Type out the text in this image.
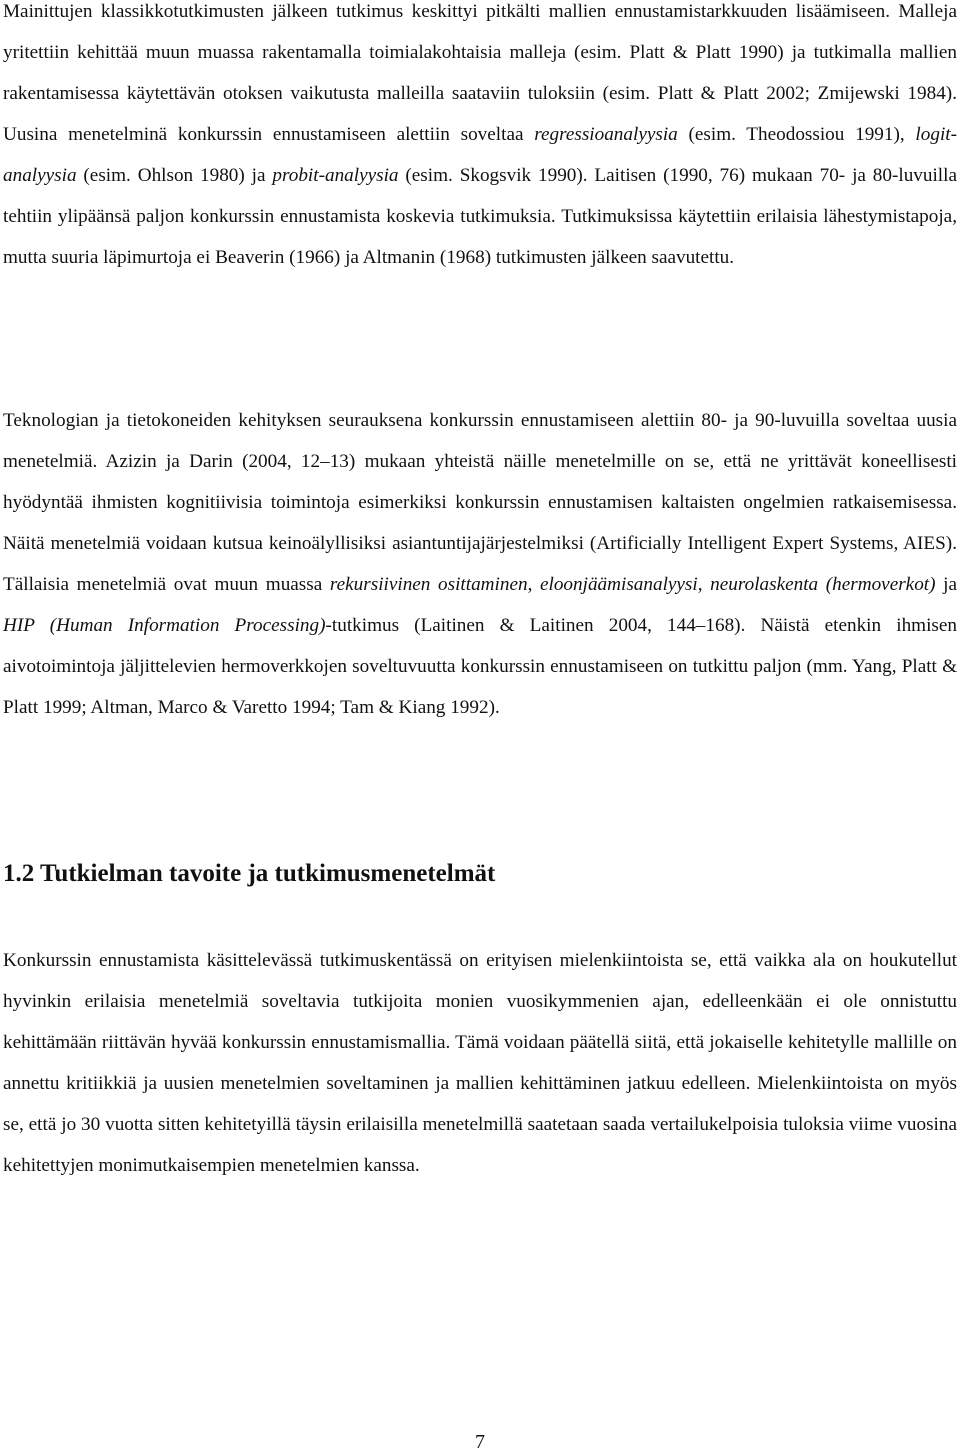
Mainittujen klassikkotutkimusten jälkeen tutkimus keskittyi pitkälti mallien ennustamistarkkuuden lisäämiseen. Malleja yritettiin kehittää muun muassa rakentamalla toimialakohtaisia malleja (esim. Platt & Platt 1990) ja tutkimalla mallien rakentamisessa käytettävän otoksen vaikutusta malleilla saataviin tuloksiin (esim. Platt & Platt 2002; Zmijewski 1984). Uusina menetelminä konkurssin ennustamiseen alettiin soveltaa regressioanalyysia (esim. Theodossiou 1991), logit-analyysia (esim. Ohlson 1980) ja probit-analyysia (esim. Skogsvik 1990). Laitisen (1990, 76) mukaan 70- ja 80-luvuilla tehtiin ylipäänsä paljon konkurssin ennustamista koskevia tutkimuksia. Tutkimuksissa käytettiin erilaisia lähestymistapoja, mutta suuria läpimurtoja ei Beaverin (1966) ja Altmanin (1968) tutkimusten jälkeen saavutettu.

Teknologian ja tietokoneiden kehityksen seurauksena konkurssin ennustamiseen alettiin 80- ja 90-luvuilla soveltaa uusia menetelmiä. Azizin ja Darin (2004, 12–13) mukaan yhteistä näille menetelmille on se, että ne yrittävät koneellisesti hyödyntää ihmisten kognitiivisia toimintoja esimerkiksi konkurssin ennustamisen kaltaisten ongelmien ratkaisemisessa. Näitä menetelmiä voidaan kutsua keinoälyllisiksi asiantuntijajärjestelmiksi (Artificially Intelligent Expert Systems, AIES). Tällaisia menetelmiä ovat muun muassa rekursiivinen osittaminen, eloonjäämisanalyysi, neurolaskenta (hermoverkot) ja HIP (Human Information Processing)-tutkimus (Laitinen & Laitinen 2004, 144–168). Näistä etenkin ihmisen aivotoimintoja jäljittelevien hermoverkkojen soveltuvuutta konkurssin ennustamiseen on tutkittu paljon (mm. Yang, Platt & Platt 1999; Altman, Marco & Varetto 1994; Tam & Kiang 1992).

1.2 Tutkielman tavoite ja tutkimusmenetelmät

Konkurssin ennustamista käsittelevässä tutkimuskentässä on erityisen mielenkiintoista se, että vaikka ala on houkutellut hyvinkin erilaisia menetelmiä soveltavia tutkijoita monien vuosikymmenien ajan, edelleenkään ei ole onnistuttu kehittämään riittävän hyvää konkurssin ennustamismallia. Tämä voidaan päätellä siitä, että jokaiselle kehitetylle mallille on annettu kritiikkiä ja uusien menetelmien soveltaminen ja mallien kehittäminen jatkuu edelleen. Mielenkiintoista on myös se, että jo 30 vuotta sitten kehitetyillä täysin erilaisilla menetelmillä saatetaan saada vertailukelpoisia tuloksia viime vuosina kehitettyjen monimutkaisempien menetelmien kanssa.

7
